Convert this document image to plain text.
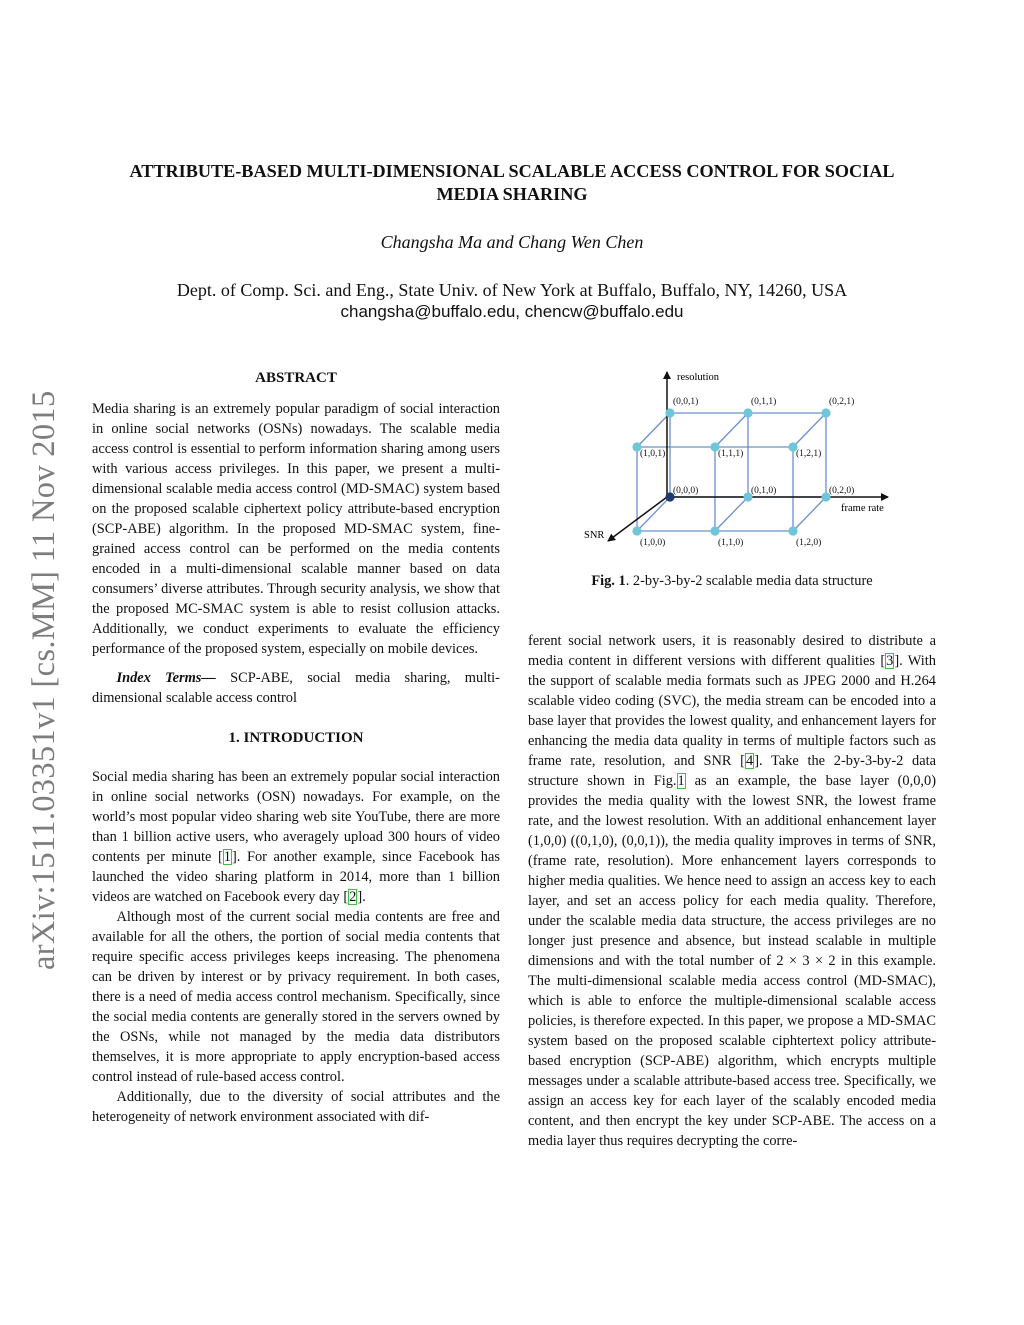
arXiv:1511.03351v1 [cs.MM] 11 Nov 2015
ATTRIBUTE-BASED MULTI-DIMENSIONAL SCALABLE ACCESS CONTROL FOR SOCIAL
MEDIA SHARING
Changsha Ma and Chang Wen Chen
Dept. of Comp. Sci. and Eng., State Univ. of New York at Buffalo, Buffalo, NY, 14260, USA
changsha@buffalo.edu, chencw@buffalo.edu
ABSTRACT

Media sharing is an extremely popular paradigm of social interaction in online social networks (OSNs) nowadays. The scalable media access control is essential to perform information sharing among users with various access privileges. In this paper, we present a multi-dimensional scalable media access control (MD-SMAC) system based on the proposed scalable ciphertext policy attribute-based encryption (SCP-ABE) algorithm. In the proposed MD-SMAC system, fine-grained access control can be performed on the media contents encoded in a multi-dimensional scalable manner based on data consumers’ diverse attributes. Through security analysis, we show that the proposed MC-SMAC system is able to resist collusion attacks. Additionally, we conduct experiments to evaluate the efficiency performance of the proposed system, especially on mobile devices.

Index Terms— SCP-ABE, social media sharing, multi-dimensional scalable access control

1. INTRODUCTION

Social media sharing has been an extremely popular social interaction in online social networks (OSN) nowadays. For example, on the world’s most popular video sharing web site YouTube, there are more than 1 billion active users, who averagely upload 300 hours of video contents per minute [1]. For another example, since Facebook has launched the video sharing platform in 2014, more than 1 billion videos are watched on Facebook every day [2].

Although most of the current social media contents are free and available for all the others, the portion of social media contents that require specific access privileges keeps increasing. The phenomena can be driven by interest or by privacy requirement. In both cases, there is a need of media access control mechanism. Specifically, since the social media contents are generally stored in the servers owned by the OSNs, while not managed by the media data distributors themselves, it is more appropriate to apply encryption-based access control instead of rule-based access control.

Additionally, due to the diversity of social attributes and the heterogeneity of network environment associated with dif-

resolution
frame rate
SNR
(0,0,1)	(0,1,1)	(0,2,1)
(1,0,1)	(1,1,1)	(1,2,1)
(0,0,0)	(0,1,0)	(0,2,0)
(1,0,0)	(1,1,0)	(1,2,0)
Fig. 1. 2-by-3-by-2 scalable media data structure

ferent social network users, it is reasonably desired to distribute a media content in different versions with different qualities [3]. With the support of scalable media formats such as JPEG 2000 and H.264 scalable video coding (SVC), the media stream can be encoded into a base layer that provides the lowest quality, and enhancement layers for enhancing the media data quality in terms of multiple factors such as frame rate, resolution, and SNR [4]. Take the 2-by-3-by-2 data structure shown in Fig.1 as an example, the base layer (0,0,0) provides the media quality with the lowest SNR, the lowest frame rate, and the lowest resolution. With an additional enhancement layer (1,0,0) ((0,1,0), (0,0,1)), the media quality improves in terms of SNR, (frame rate, resolution). More enhancement layers corresponds to higher media qualities. We hence need to assign an access key to each layer, and set an access policy for each media quality. Therefore, under the scalable media data structure, the access privileges are no longer just presence and absence, but instead scalable in multiple dimensions and with the total number of 2 × 3 × 2 in this example. The multi-dimensional scalable media access control (MD-SMAC), which is able to enforce the multiple-dimensional scalable access policies, is therefore expected. In this paper, we propose a MD-SMAC system based on the proposed scalable ciphtertext policy attribute-based encryption (SCP-ABE) algorithm, which encrypts multiple messages under a scalable attribute-based access tree. Specifically, we assign an access key for each layer of the scalably encoded media content, and then encrypt the key under SCP-ABE. The access on a media layer thus requires decrypting the corre-
